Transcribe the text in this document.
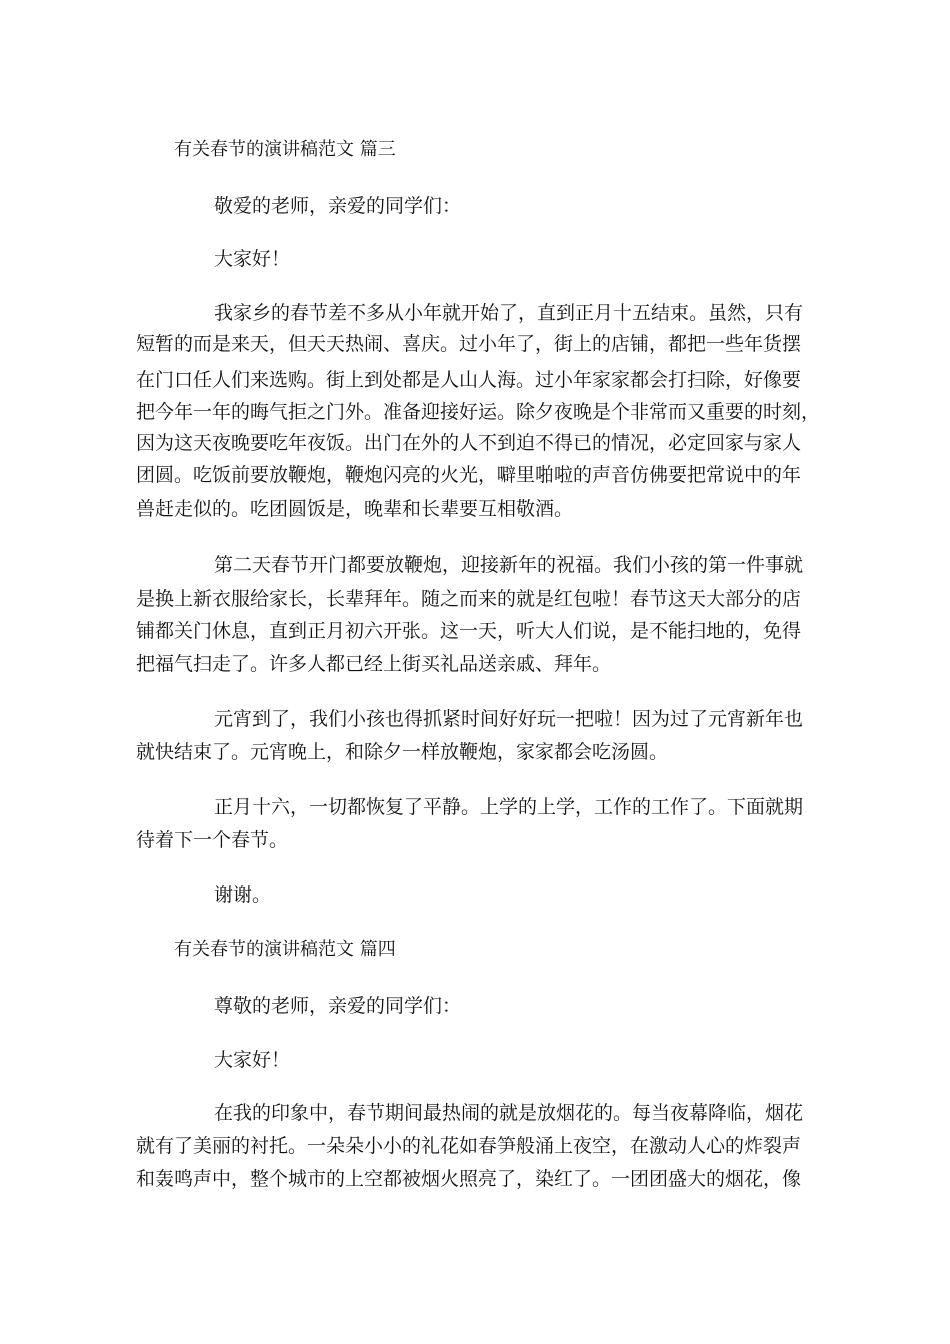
有关春节的演讲稿范文 篇三
敬爱的老师，亲爱的同学们：
大家好！
我家乡的春节差不多从小年就开始了，直到正月十五结束。虽然，只有
短暂的而是来天，但天天热闹、喜庆。过小年了，街上的店铺，都把一些年货摆
在门口任人们来选购。街上到处都是人山人海。过小年家家都会打扫除，好像要
把今年一年的晦气拒之门外。准备迎接好运。除夕夜晚是个非常而又重要的时刻，
因为这天夜晚要吃年夜饭。出门在外的人不到迫不得已的情况，必定回家与家人
团圆。吃饭前要放鞭炮，鞭炮闪亮的火光，噼里啪啦的声音仿佛要把常说中的年
兽赶走似的。吃团圆饭是，晚辈和长辈要互相敬酒。
第二天春节开门都要放鞭炮，迎接新年的祝福。我们小孩的第一件事就
是换上新衣服给家长，长辈拜年。随之而来的就是红包啦！春节这天大部分的店
铺都关门休息，直到正月初六开张。这一天，听大人们说，是不能扫地的，免得
把福气扫走了。许多人都已经上街买礼品送亲戚、拜年。
元宵到了，我们小孩也得抓紧时间好好玩一把啦！因为过了元宵新年也
就快结束了。元宵晚上，和除夕一样放鞭炮，家家都会吃汤圆。
正月十六，一切都恢复了平静。上学的上学，工作的工作了。下面就期
待着下一个春节。
谢谢。
有关春节的演讲稿范文 篇四
尊敬的老师，亲爱的同学们：
大家好！
在我的印象中，春节期间最热闹的就是放烟花的。每当夜幕降临，烟花
就有了美丽的衬托。一朵朵小小的礼花如春笋般涌上夜空，在激动人心的炸裂声
和轰鸣声中，整个城市的上空都被烟火照亮了，染红了。一团团盛大的烟花，像
